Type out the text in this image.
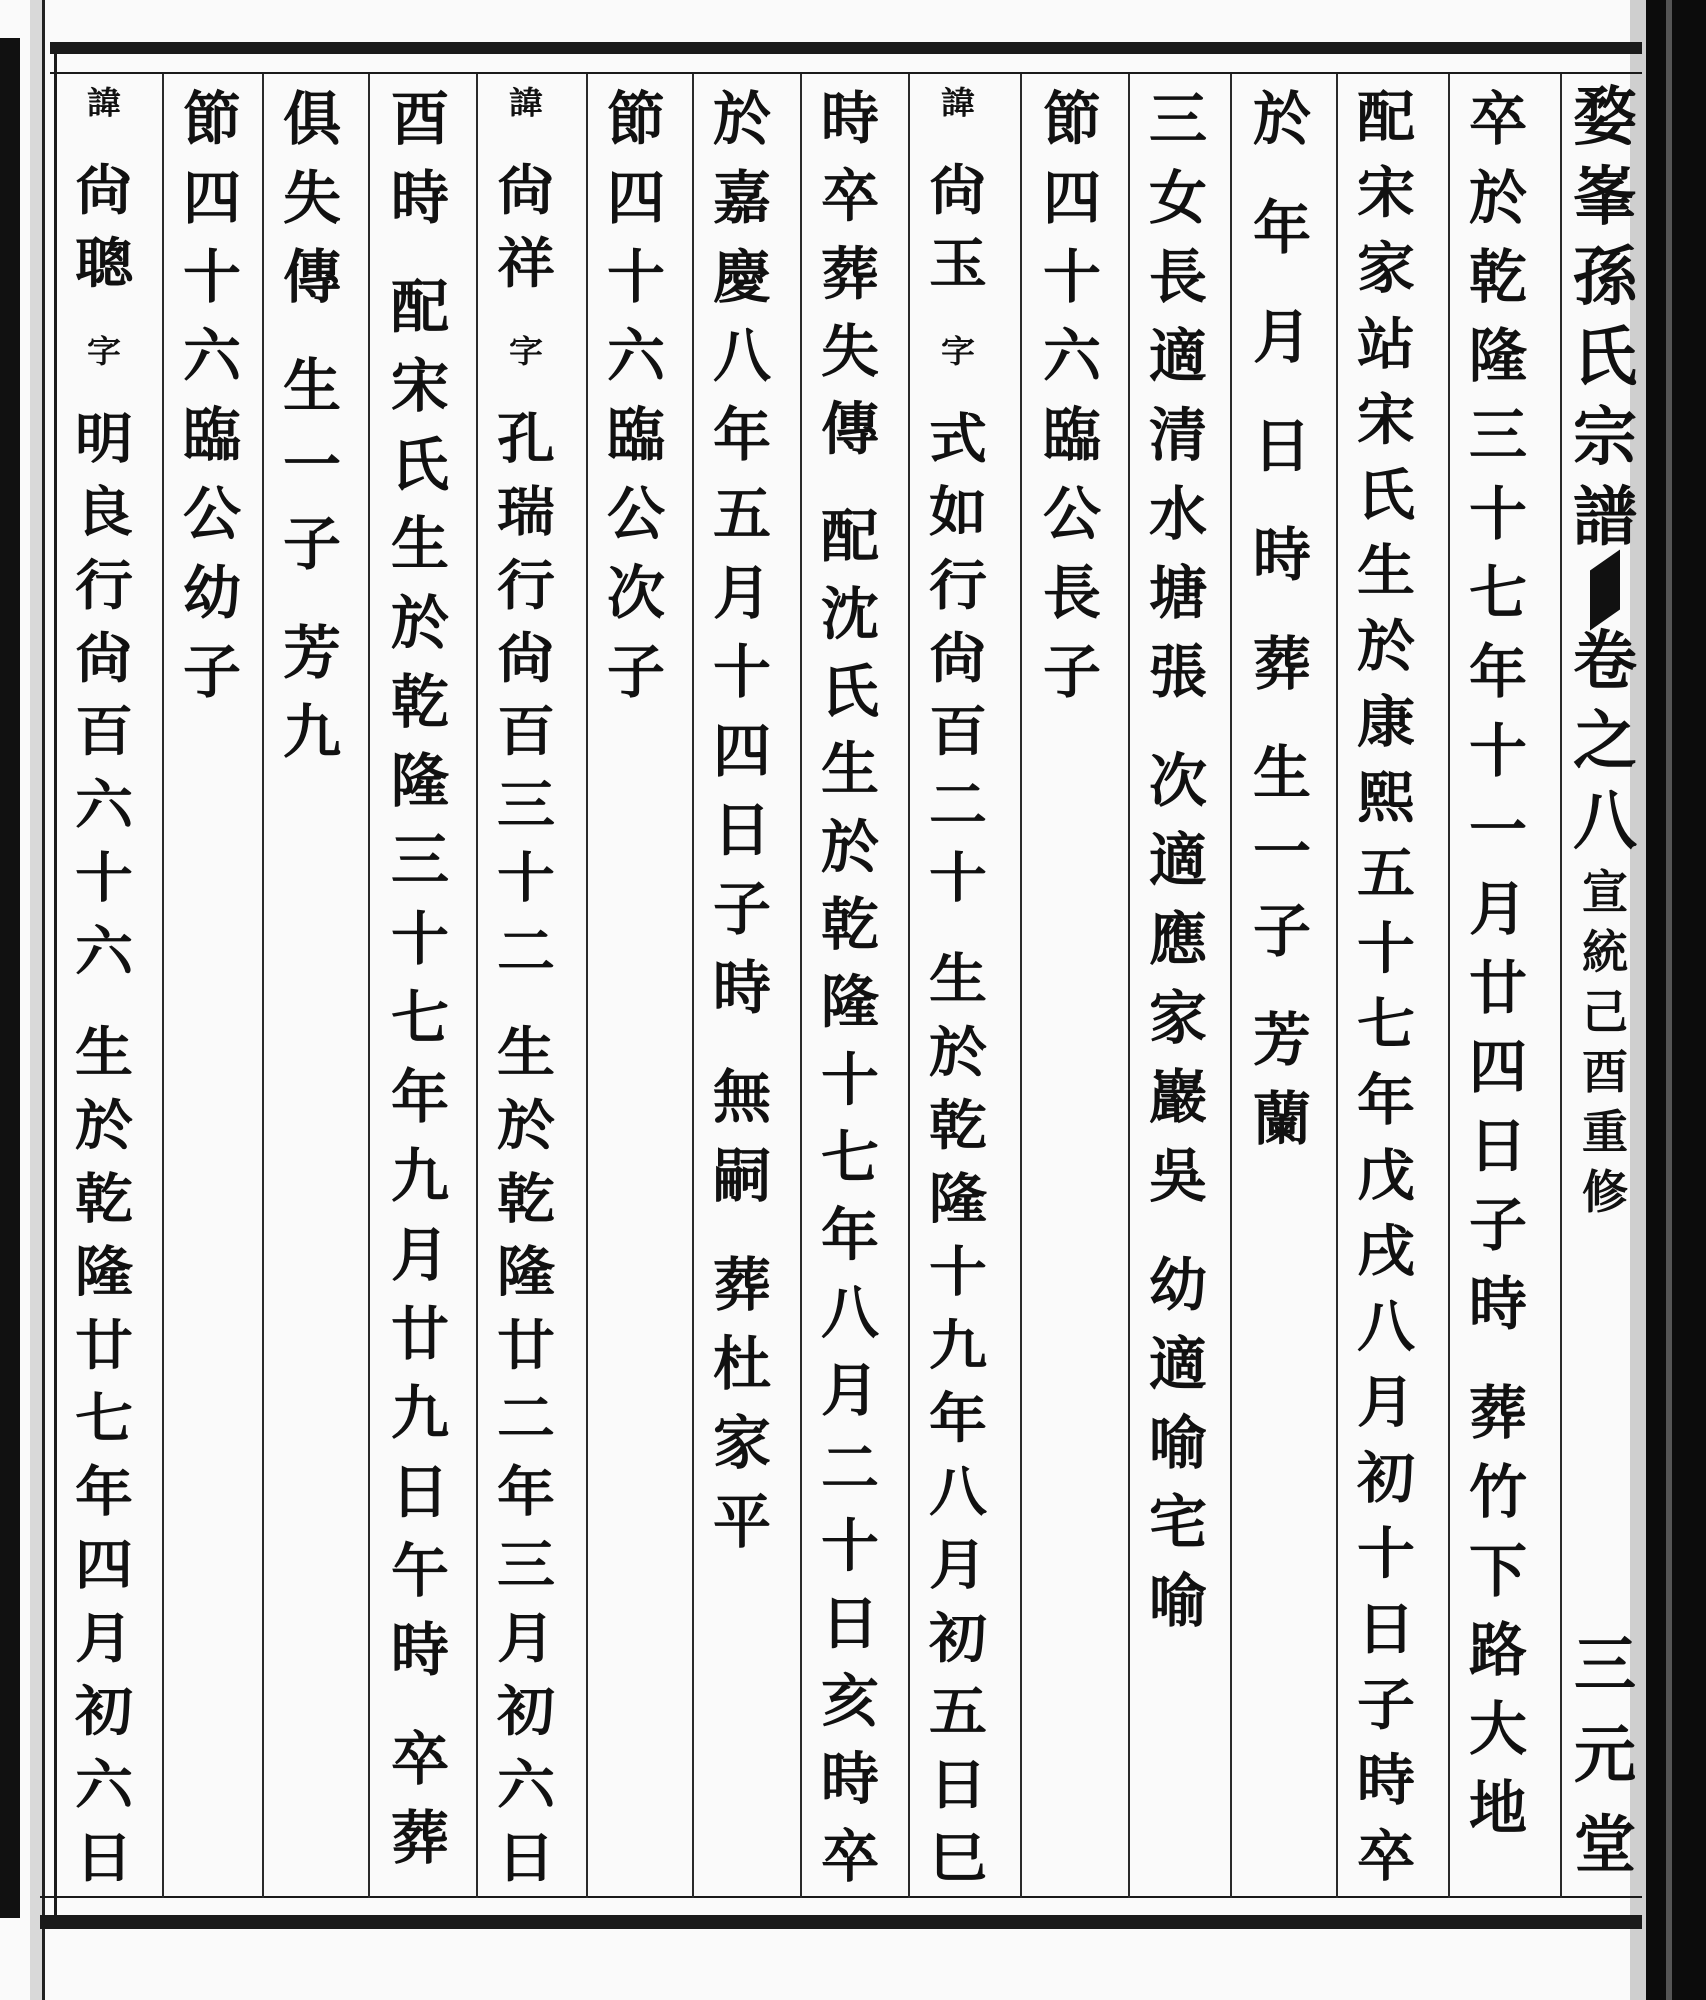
婺
峯
孫
氏
宗
譜
卷
之
八
宣
統
己
酉
重
修
三
元
堂
卒
於
乾
隆
三
十
七
年
十
一
月
廿
四
日
子
時
葬
竹
下
路
大
地
配
宋
家
站
宋
氏
生
於
康
熙
五
十
七
年
戊
戌
八
月
初
十
日
子
時
卒
於
年
月
日
時
葬
生
一
子
芳
蘭
三
女
長
適
清
水
塘
張
次
適
應
家
巖
吳
幼
適
喻
宅
喻
節
四
十
六
臨
公
長
子
諱
尙
玉
字
式
如
行
尙
百
二
十
生
於
乾
隆
十
九
年
八
月
初
五
日
巳
時
卒
葬
失
傳
配
沈
氏
生
於
乾
隆
十
七
年
八
月
二
十
日
亥
時
卒
於
嘉
慶
八
年
五
月
十
四
日
子
時
無
嗣
葬
杜
家
平
節
四
十
六
臨
公
次
子
諱
尙
祥
字
孔
瑞
行
尙
百
三
十
二
生
於
乾
隆
廿
二
年
三
月
初
六
日
酉
時
配
宋
氏
生
於
乾
隆
三
十
七
年
九
月
廿
九
日
午
時
卒
葬
俱
失
傳
生
一
子
芳
九
節
四
十
六
臨
公
幼
子
諱
尙
聰
字
明
良
行
尙
百
六
十
六
生
於
乾
隆
廿
七
年
四
月
初
六
日
